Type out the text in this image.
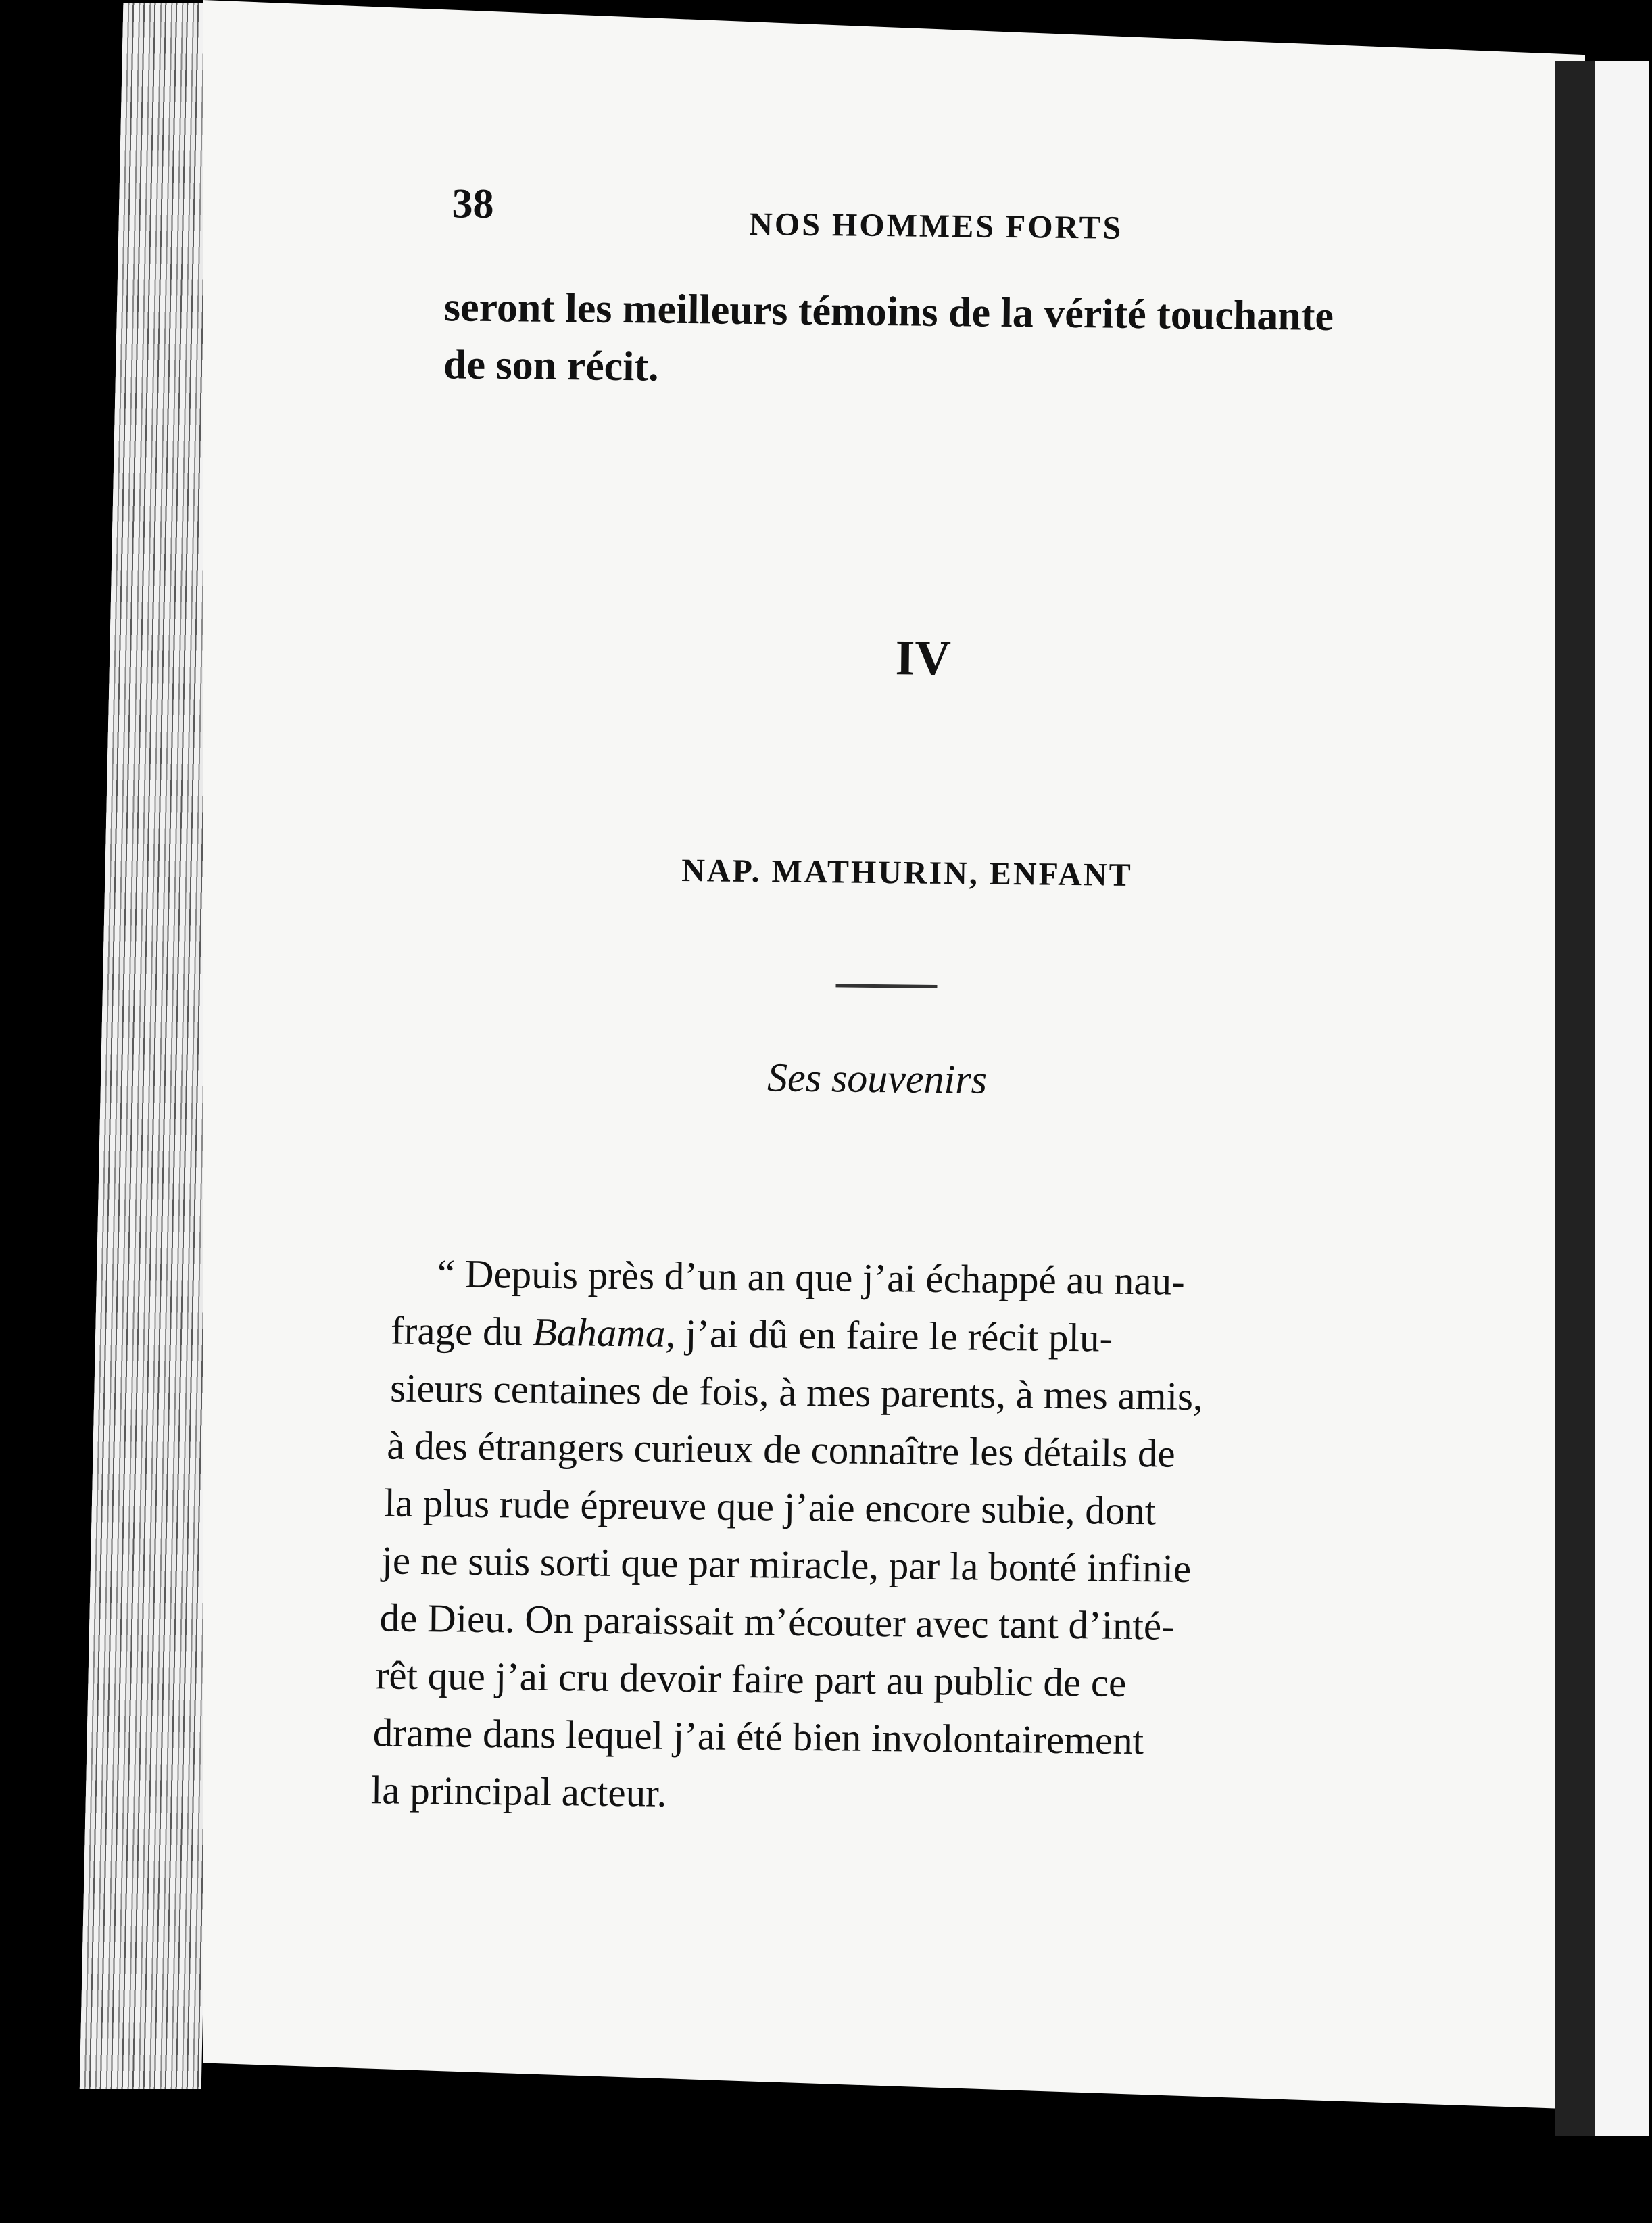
38	NOS HOMMES FORTS
seront les meilleurs témoins de la vérité touchante
de son récit.
IV
NAP. MATHURIN, ENFANT
Ses souvenirs
“ Depuis près d’un an que j’ai échappé au nau-
frage du Bahama, j’ai dû en faire le récit plu-
sieurs centaines de fois, à mes parents, à mes amis,
à des étrangers curieux de connaître les détails de
la plus rude épreuve que j’aie encore subie, dont
je ne suis sorti que par miracle, par la bonté infinie
de Dieu. On paraissait m’écouter avec tant d’inté-
rêt que j’ai cru devoir faire part au public de ce
drame dans lequel j’ai été bien involontairement
la principal acteur.
